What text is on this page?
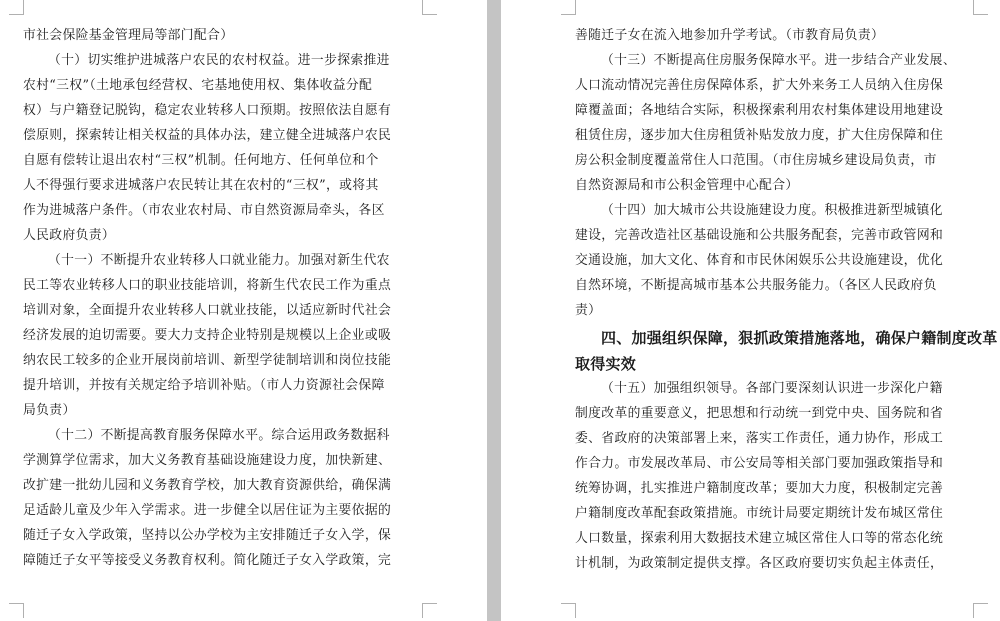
市社会保险基金管理局等部门配合）
（十）切实维护进城落户农民的农村权益。进一步探索推进
农村“三权”（土地承包经营权、宅基地使用权、集体收益分配
权）与户籍登记脱钩，稳定农业转移人口预期。按照依法自愿有
偿原则，探索转让相关权益的具体办法，建立健全进城落户农民
自愿有偿转让退出农村“三权”机制。任何地方、任何单位和个
人不得强行要求进城落户农民转让其在农村的“三权”，或将其
作为进城落户条件。（市农业农村局、市自然资源局牵头，各区
人民政府负责）
（十一）不断提升农业转移人口就业能力。加强对新生代农
民工等农业转移人口的职业技能培训，将新生代农民工作为重点
培训对象，全面提升农业转移人口就业技能，以适应新时代社会
经济发展的迫切需要。要大力支持企业特别是规模以上企业或吸
纳农民工较多的企业开展岗前培训、新型学徒制培训和岗位技能
提升培训，并按有关规定给予培训补贴。（市人力资源社会保障
局负责）
（十二）不断提高教育服务保障水平。综合运用政务数据科
学测算学位需求，加大义务教育基础设施建设力度，加快新建、
改扩建一批幼儿园和义务教育学校，加大教育资源供给，确保满
足适龄儿童及少年入学需求。进一步健全以居住证为主要依据的
随迁子女入学政策，坚持以公办学校为主安排随迁子女入学，保
障随迁子女平等接受义务教育权利。简化随迁子女入学政策，完
善随迁子女在流入地参加升学考试。（市教育局负责）
（十三）不断提高住房服务保障水平。进一步结合产业发展、
人口流动情况完善住房保障体系，扩大外来务工人员纳入住房保
障覆盖面；各地结合实际，积极探索利用农村集体建设用地建设
租赁住房，逐步加大住房租赁补贴发放力度，扩大住房保障和住
房公积金制度覆盖常住人口范围。（市住房城乡建设局负责，市
自然资源局和市公积金管理中心配合）
（十四）加大城市公共设施建设力度。积极推进新型城镇化
建设，完善改造社区基础设施和公共服务配套，完善市政管网和
交通设施，加大文化、体育和市民休闲娱乐公共设施建设，优化
自然环境，不断提高城市基本公共服务能力。（各区人民政府负
责）
四、加强组织保障，狠抓政策措施落地，确保户籍制度改革
取得实效
（十五）加强组织领导。各部门要深刻认识进一步深化户籍
制度改革的重要意义，把思想和行动统一到党中央、国务院和省
委、省政府的决策部署上来，落实工作责任，通力协作，形成工
作合力。市发展改革局、市公安局等相关部门要加强政策指导和
统筹协调，扎实推进户籍制度改革；要加大力度，积极制定完善
户籍制度改革配套政策措施。市统计局要定期统计发布城区常住
人口数量，探索利用大数据技术建立城区常住人口等的常态化统
计机制，为政策制定提供支撑。各区政府要切实负起主体责任，
